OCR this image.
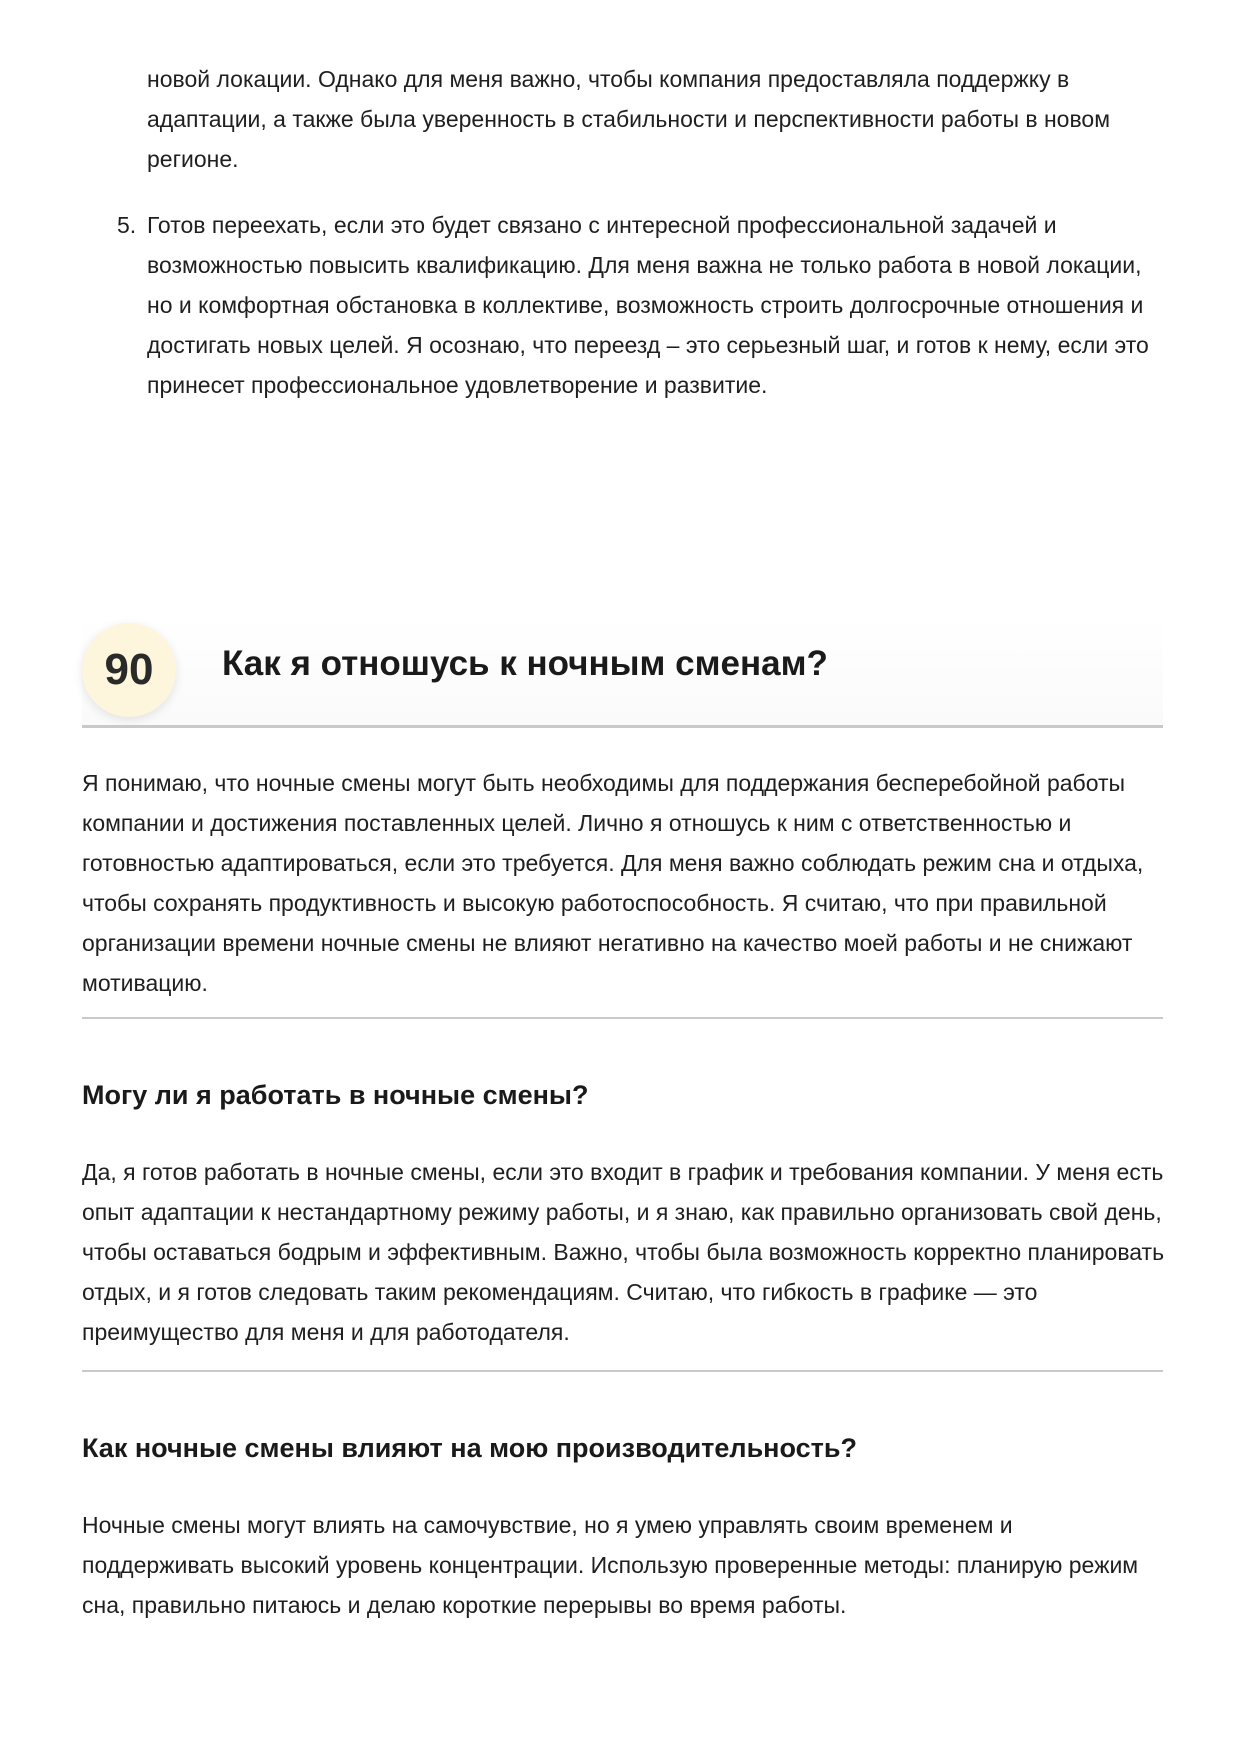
новой локации. Однако для меня важно, чтобы компания предоставляла поддержку в адаптации, а также была уверенность в стабильности и перспективности работы в новом регионе.
5. Готов переехать, если это будет связано с интересной профессиональной задачей и возможностью повысить квалификацию. Для меня важна не только работа в новой локации, но и комфортная обстановка в коллективе, возможность строить долгосрочные отношения и достигать новых целей. Я осознаю, что переезд – это серьезный шаг, и готов к нему, если это принесет профессиональное удовлетворение и развитие.
90	Как я отношусь к ночным сменам?

Я понимаю, что ночные смены могут быть необходимы для поддержания бесперебойной работы компании и достижения поставленных целей. Лично я отношусь к ним с ответственностью и готовностью адаптироваться, если это требуется. Для меня важно соблюдать режим сна и отдыха, чтобы сохранять продуктивность и высокую работоспособность. Я считаю, что при правильной организации времени ночные смены не влияют негативно на качество моей работы и не снижают мотивацию.

Могу ли я работать в ночные смены?

Да, я готов работать в ночные смены, если это входит в график и требования компании. У меня есть опыт адаптации к нестандартному режиму работы, и я знаю, как правильно организовать свой день, чтобы оставаться бодрым и эффективным. Важно, чтобы была возможность корректно планировать отдых, и я готов следовать таким рекомендациям. Считаю, что гибкость в графике — это преимущество для меня и для работодателя.

Как ночные смены влияют на мою производительность?

Ночные смены могут влиять на самочувствие, но я умею управлять своим временем и поддерживать высокий уровень концентрации. Использую проверенные методы: планирую режим сна, правильно питаюсь и делаю короткие перерывы во время работы.
